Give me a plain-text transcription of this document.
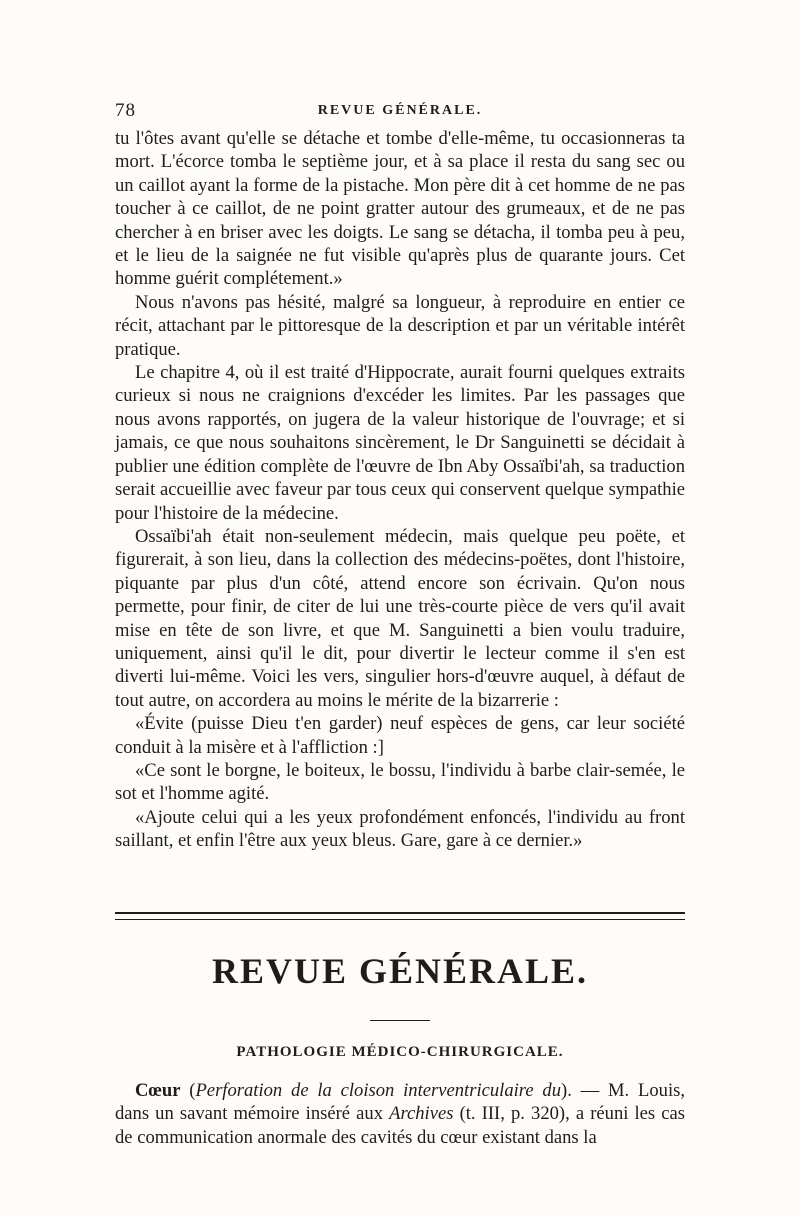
78	REVUE GÉNÉRALE.

tu l'ôtes avant qu'elle se détache et tombe d'elle-même, tu occasionneras ta mort. L'écorce tomba le septième jour, et à sa place il resta du sang sec ou un caillot ayant la forme de la pistache. Mon père dit à cet homme de ne pas toucher à ce caillot, de ne point gratter autour des grumeaux, et de ne pas chercher à en briser avec les doigts. Le sang se détacha, il tomba peu à peu, et le lieu de la saignée ne fut visible qu'après plus de quarante jours. Cet homme guérit complétement.»

Nous n'avons pas hésité, malgré sa longueur, à reproduire en entier ce récit, attachant par le pittoresque de la description et par un véritable intérêt pratique.

Le chapitre 4, où il est traité d'Hippocrate, aurait fourni quelques extraits curieux si nous ne craignions d'excéder les limites. Par les passages que nous avons rapportés, on jugera de la valeur historique de l'ouvrage; et si jamais, ce que nous souhaitons sincèrement, le Dr Sanguinetti se décidait à publier une édition complète de l'œuvre de Ibn Aby Ossaïbi'ah, sa traduction serait accueillie avec faveur par tous ceux qui conservent quelque sympathie pour l'histoire de la médecine.

Ossaïbi'ah était non-seulement médecin, mais quelque peu poëte, et figurerait, à son lieu, dans la collection des médecins-poëtes, dont l'histoire, piquante par plus d'un côté, attend encore son écrivain. Qu'on nous permette, pour finir, de citer de lui une très-courte pièce de vers qu'il avait mise en tête de son livre, et que M. Sanguinetti a bien voulu traduire, uniquement, ainsi qu'il le dit, pour divertir le lecteur comme il s'en est diverti lui-même. Voici les vers, singulier hors-d'œuvre auquel, à défaut de tout autre, on accordera au moins le mérite de la bizarrerie :

«Évite (puisse Dieu t'en garder) neuf espèces de gens, car leur société conduit à la misère et à l'affliction :]

«Ce sont le borgne, le boiteux, le bossu, l'individu à barbe clair-semée, le sot et l'homme agité.

«Ajoute celui qui a les yeux profondément enfoncés, l'individu au front saillant, et enfin l'être aux yeux bleus. Gare, gare à ce dernier.»

REVUE GÉNÉRALE.
PATHOLOGIE MÉDICO-CHIRURGICALE.

Cœur (Perforation de la cloison interventriculaire du). — M. Louis, dans un savant mémoire inséré aux Archives (t. III, p. 320), a réuni les cas de communication anormale des cavités du cœur existant dans la
